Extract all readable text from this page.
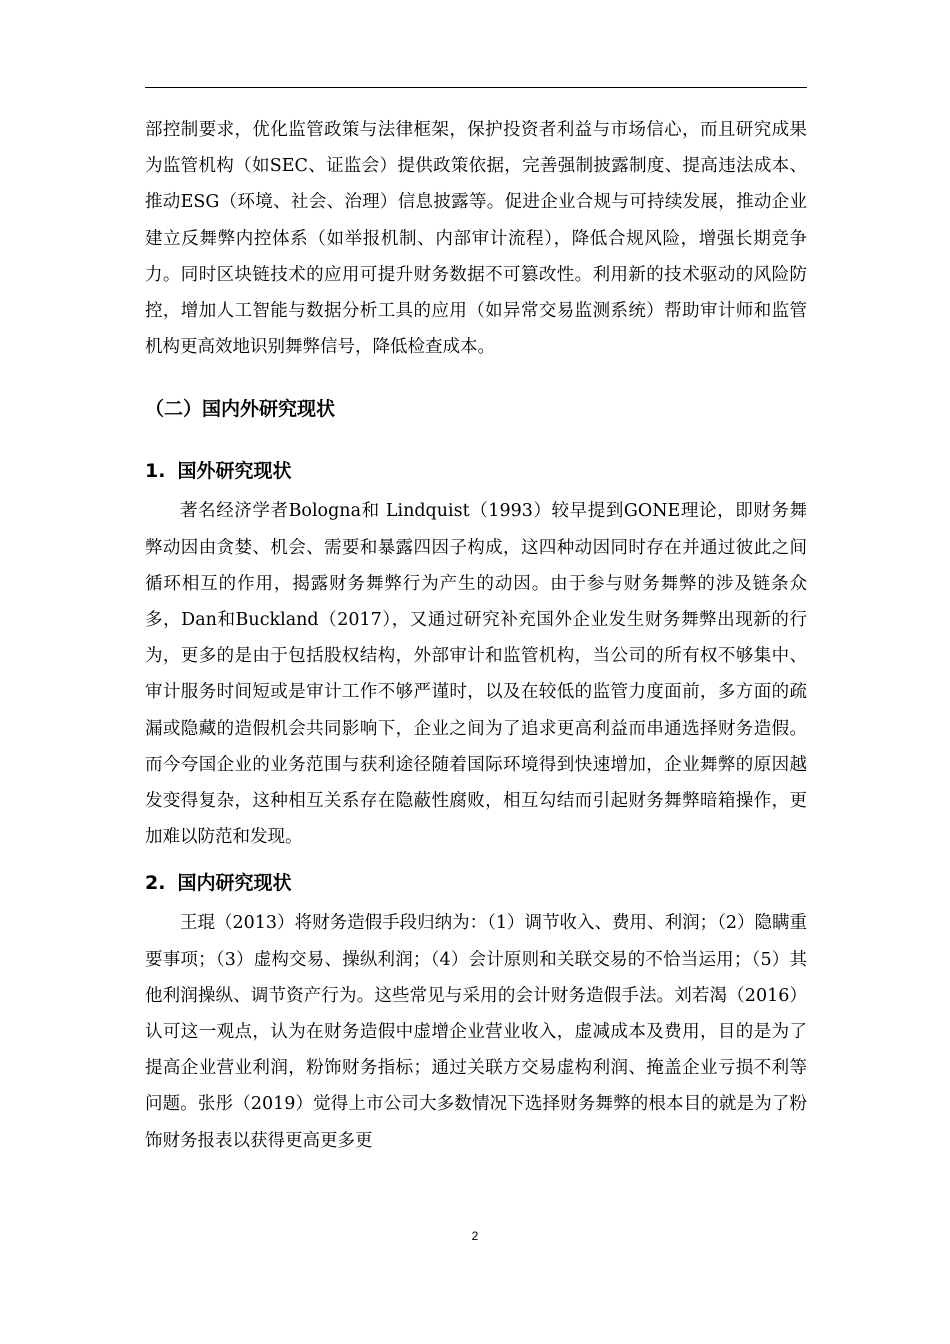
部控制要求，优化监管政策与法律框架，保护投资者利益与市场信心，而且研究成果为监管机构（如SEC、证监会）提供政策依据，完善强制披露制度、提高违法成本、推动ESG（环境、社会、治理）信息披露等。促进企业合规与可持续发展，推动企业建立反舞弊内控体系（如举报机制、内部审计流程），降低合规风险，增强长期竞争力。同时区块链技术的应用可提升财务数据不可篡改性。利用新的技术驱动的风险防控，增加人工智能与数据分析工具的应用（如异常交易监测系统）帮助审计师和监管机构更高效地识别舞弊信号，降低检查成本。

（二）国内外研究现状
1. 国外研究现状

著名经济学者Bologna和 Lindquist（1993）较早提到GONE理论，即财务舞弊动因由贪婪、机会、需要和暴露四因子构成，这四种动因同时存在并通过彼此之间循环相互的作用，揭露财务舞弊行为产生的动因。由于参与财务舞弊的涉及链条众多，Dan和Buckland（2017），又通过研究补充国外企业发生财务舞弊出现新的行为，更多的是由于包括股权结构，外部审计和监管机构，当公司的所有权不够集中、审计服务时间短或是审计工作不够严谨时，以及在较低的监管力度面前，多方面的疏漏或隐藏的造假机会共同影响下，企业之间为了追求更高利益而串通选择财务造假。而今夸国企业的业务范围与获利途径随着国际环境得到快速增加，企业舞弊的原因越发变得复杂，这种相互关系存在隐蔽性腐败，相互勾结而引起财务舞弊暗箱操作，更加难以防范和发现。

2. 国内研究现状

王琨（2013）将财务造假手段归纳为：（1）调节收入、费用、利润；（2）隐瞒重要事项；（3）虚构交易、操纵利润；（4）会计原则和关联交易的不恰当运用；（5）其他利润操纵、调节资产行为。这些常见与采用的会计财务造假手法。刘若渴（2016）认可这一观点，认为在财务造假中虚增企业营业收入，虚减成本及费用，目的是为了提高企业营业利润，粉饰财务指标；通过关联方交易虚构利润、掩盖企业亏损不利等问题。张彤（2019）觉得上市公司大多数情况下选择财务舞弊的根本目的就是为了粉饰财务报表以获得更高更多更

2
